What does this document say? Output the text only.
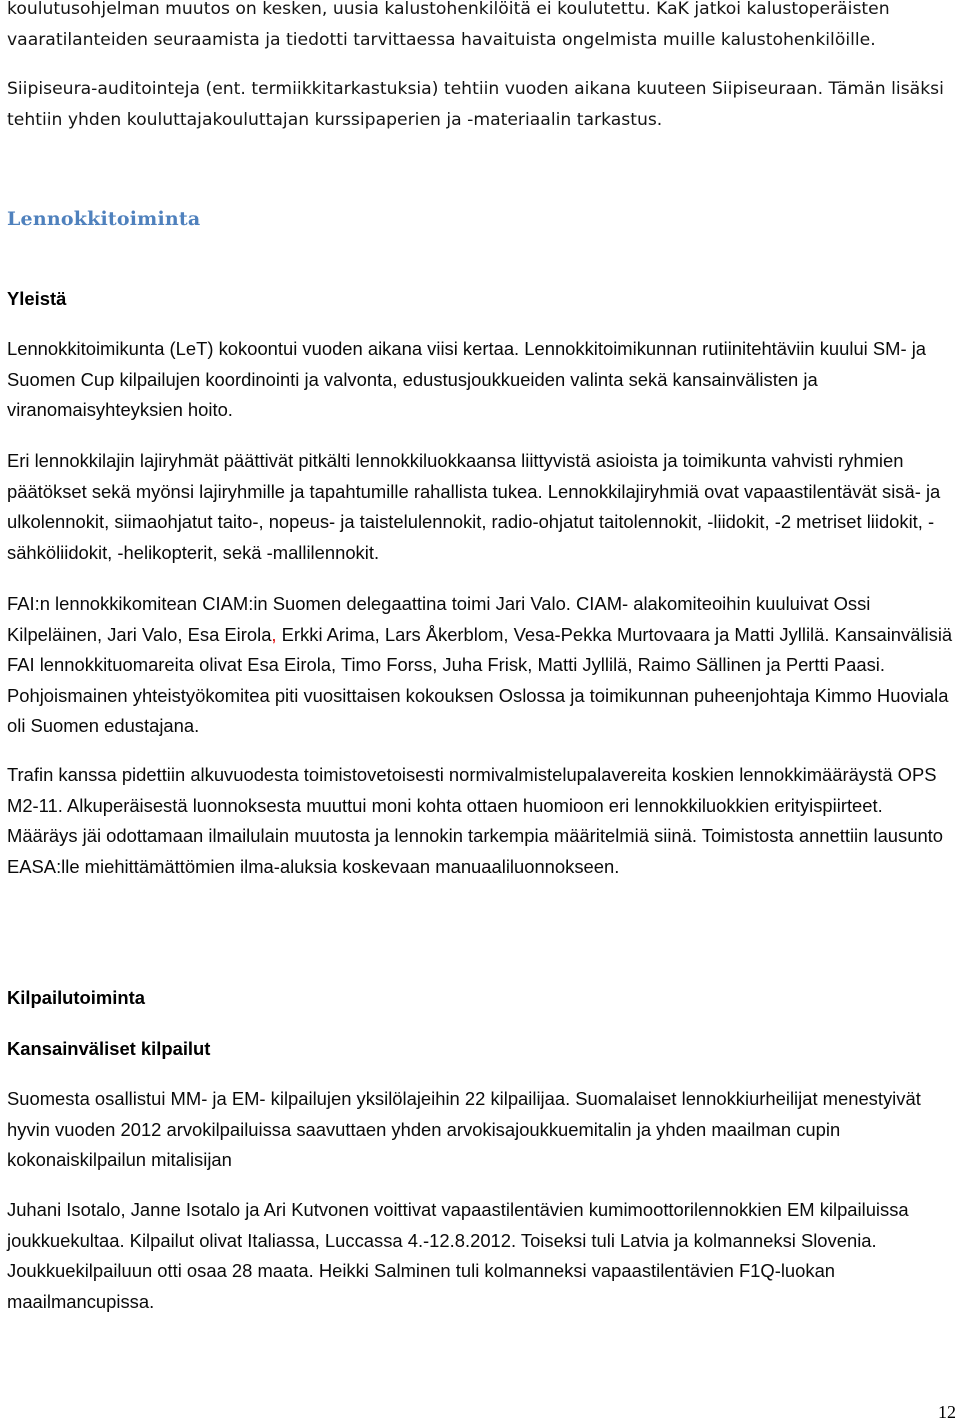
koulutusohjelman muutos on kesken, uusia kalustohenkilöitä ei koulutettu. KaK jatkoi kalustoperäisten vaaratilanteiden seuraamista ja tiedotti tarvittaessa havaituista ongelmista muille kalustohenkilöille.

Siipiseura-auditointeja (ent. termiikkitarkastuksia) tehtiin vuoden aikana kuuteen Siipiseuraan. Tämän lisäksi tehtiin yhden kouluttajakouluttajan kurssipaperien ja -materiaalin tarkastus.

Lennokkitoiminta
Yleistä

Lennokkitoimikunta (LeT) kokoontui vuoden aikana viisi kertaa. Lennokkitoimikunnan rutiinitehtäviin kuului SM- ja Suomen Cup kilpailujen koordinointi ja valvonta, edustusjoukkueiden valinta sekä kansainvälisten ja viranomaisyhteyksien hoito.

Eri lennokkilajin lajiryhmät päättivät pitkälti lennokkiluokkaansa liittyvistä asioista ja toimikunta vahvisti ryhmien päätökset sekä myönsi lajiryhmille ja tapahtumille rahallista tukea. Lennokkilajiryhmiä ovat vapaastilentävät sisä- ja ulkolennokit, siimaohjatut taito-, nopeus- ja taistelulennokit, radio-ohjatut taitolennokit, -liidokit, -2 metriset liidokit, -sähköliidokit, -helikopterit, sekä -mallilennokit.

FAI:n lennokkikomitean CIAM:in Suomen delegaattina toimi Jari Valo. CIAM- alakomiteoihin kuuluivat Ossi Kilpeläinen, Jari Valo, Esa Eirola, Erkki Arima, Lars Åkerblom, Vesa-Pekka Murtovaara ja Matti Jyllilä. Kansainvälisiä FAI lennokkituomareita olivat Esa Eirola, Timo Forss, Juha Frisk, Matti Jyllilä, Raimo Sällinen ja Pertti Paasi. Pohjoismainen yhteistyökomitea piti vuosittaisen kokouksen Oslossa ja toimikunnan puheenjohtaja Kimmo Huoviala oli Suomen edustajana.

Trafin kanssa pidettiin alkuvuodesta toimistovetoisesti normivalmistelupalavereita koskien lennokkimääräystä OPS M2-11. Alkuperäisestä luonnoksesta muuttui moni kohta ottaen huomioon eri lennokkiluokkien erityispiirteet. Määräys jäi odottamaan ilmailulain muutosta ja lennokin tarkempia määritelmiä siinä. Toimistosta annettiin lausunto EASA:lle miehittämättömien ilma-aluksia koskevaan manuaaliluonnokseen.

Kilpailutoiminta
Kansainväliset kilpailut

Suomesta osallistui MM- ja EM- kilpailujen yksilölajeihin 22 kilpailijaa. Suomalaiset lennokkiurheilijat menestyivät hyvin vuoden 2012 arvokilpailuissa saavuttaen yhden arvokisajoukkuemitalin ja yhden maailman cupin kokonaiskilpailun mitalisijan

Juhani Isotalo, Janne Isotalo ja Ari Kutvonen voittivat vapaastilentävien kumimoottorilennokkien EM kilpailuissa joukkuekultaa. Kilpailut olivat Italiassa, Luccassa 4.-12.8.2012. Toiseksi tuli Latvia ja kolmanneksi Slovenia. Joukkuekilpailuun otti osaa 28 maata. Heikki Salminen tuli kolmanneksi vapaastilentävien F1Q-luokan maailmancupissa.

12
